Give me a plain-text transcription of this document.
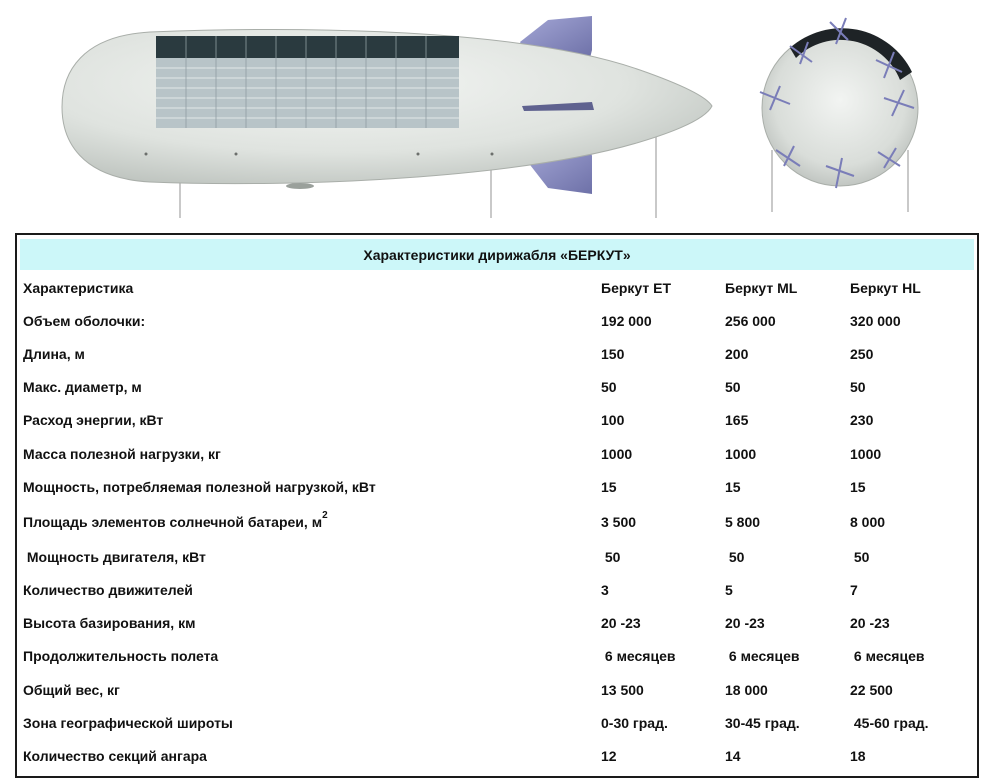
Характеристики дирижабля «БЕРКУТ»
Характеристика	Беркут ЕТ	Беркут ML	Беркут HL
Объем оболочки:	192 000	256 000	320 000
Длина, м	150	200	250
Макс. диаметр, м	50	50	50
Расход энергии, кВт	100	165	230
Масса полезной нагрузки, кг	1000	1000	1000
Мощность, потребляемая полезной нагрузкой, кВт	15	15	15
Площадь элементов солнечной батареи, $м^2$	3 500	5 800	8 000
Мощность двигателя, кВт	50	50	50
Количество движителей	3	5	7
Высота базирования, км	20 -23	20 -23	20 -23
Продолжительность полета	6 месяцев	6 месяцев	6 месяцев
Общий вес, кг	13 500	18 000	22 500
Зона географической широты	0-30 град.	30-45 град.	45-60 град.
Количество секций ангара	12	14	18
